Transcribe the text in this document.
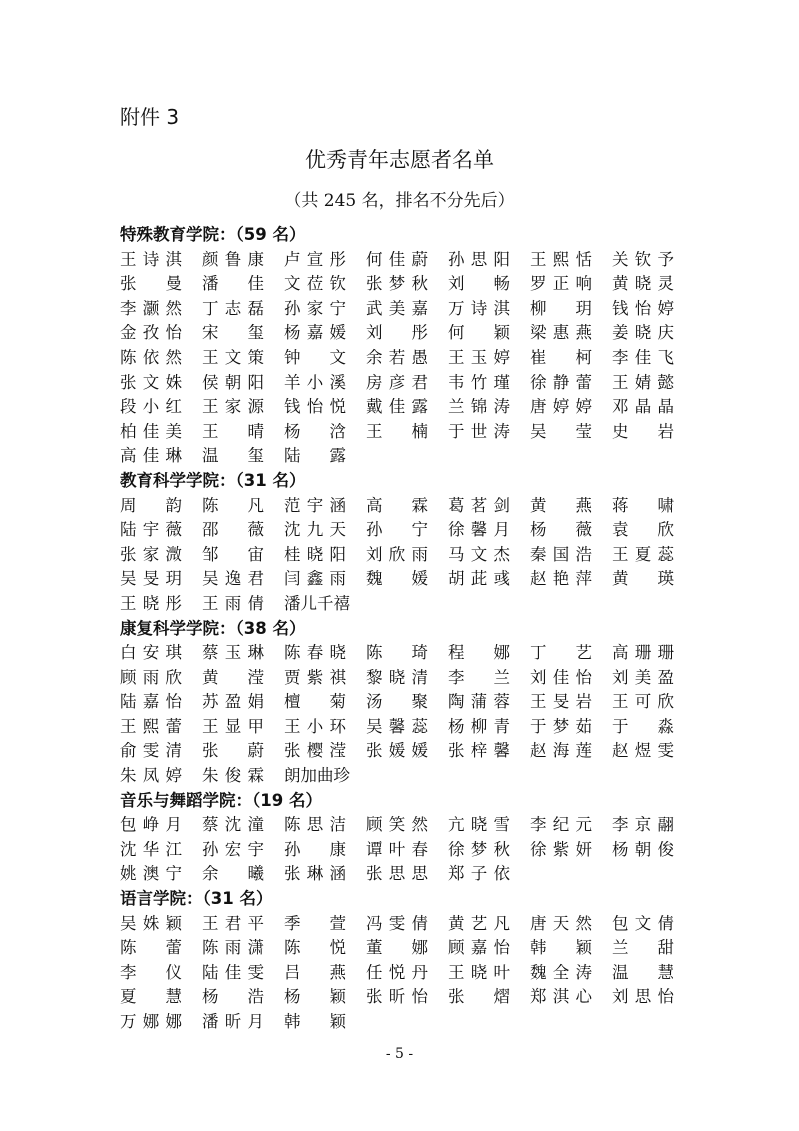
附件 3
优秀青年志愿者名单
（共 245 名，排名不分先后）
特殊教育学院：（59 名）
王诗淇 颜鲁康 卢宣彤 何佳蔚 孙思阳 王熙恬 关钦予
张曼 潘佳 文莅钦 张梦秋 刘畅 罗正响 黄晓灵
李灏然 丁志磊 孙家宁 武美嘉 万诗淇 柳玥 钱怡婷
金孜怡 宋玺 杨嘉媛 刘彤 何颖 梁惠燕 姜晓庆
陈依然 王文策 钟文 余若愚 王玉婷 崔柯 李佳飞
张文姝 侯朝阳 羊小溪 房彦君 韦竹瑾 徐静蕾 王婧懿
段小红 王家源 钱怡悦 戴佳露 兰锦涛 唐婷婷 邓晶晶
柏佳美 王晴 杨浛 王楠 于世涛 吴莹 史岩
高佳琳 温玺 陆露
教育科学学院：（31 名）
周韵 陈凡 范宇涵 高霖 葛茗剑 黄燕 蒋啸
陆宇薇 邵薇 沈九天 孙宁 徐馨月 杨薇 袁欣
张家溦 邹宙 桂晓阳 刘欣雨 马文杰 秦国浩 王夏蕊
吴旻玥 吴逸君 闫鑫雨 魏媛 胡茈彧 赵艳萍 黄瑛
王晓彤 王雨倩 潘儿千禧
康复科学学院：（38 名）
白安琪 蔡玉琳 陈春晓 陈琦 程娜 丁艺 高珊珊
顾雨欣 黄滢 贾紫祺 黎晓清 李兰 刘佳怡 刘美盈
陆嘉怡 苏盈娟 檀菊 汤聚 陶蒲蓉 王旻岩 王可欣
王熙蕾 王显甲 王小环 吴馨蕊 杨柳青 于梦茹 于淼
俞雯清 张蔚 张樱滢 张媛媛 张梓馨 赵海莲 赵煜雯
朱凤婷 朱俊霖 朗加曲珍
音乐与舞蹈学院：（19 名）
包峥月 蔡沈潼 陈思洁 顾笑然 亢晓雪 李纪元 李京翮
沈华江 孙宏宇 孙康 谭叶春 徐梦秋 徐紫妍 杨朝俊
姚澳宁 余曦 张琳涵 张思思 郑子依
语言学院：（31 名）
吴姝颖 王君平 季萱 冯雯倩 黄艺凡 唐天然 包文倩
陈蕾 陈雨潇 陈悦 董娜 顾嘉怡 韩颖 兰甜
李仪 陆佳雯 吕燕 任悦丹 王晓叶 魏全涛 温慧
夏慧 杨浩 杨颖 张昕怡 张熠 郑淇心 刘思怡
万娜娜 潘昕月 韩颖
- 5 -
